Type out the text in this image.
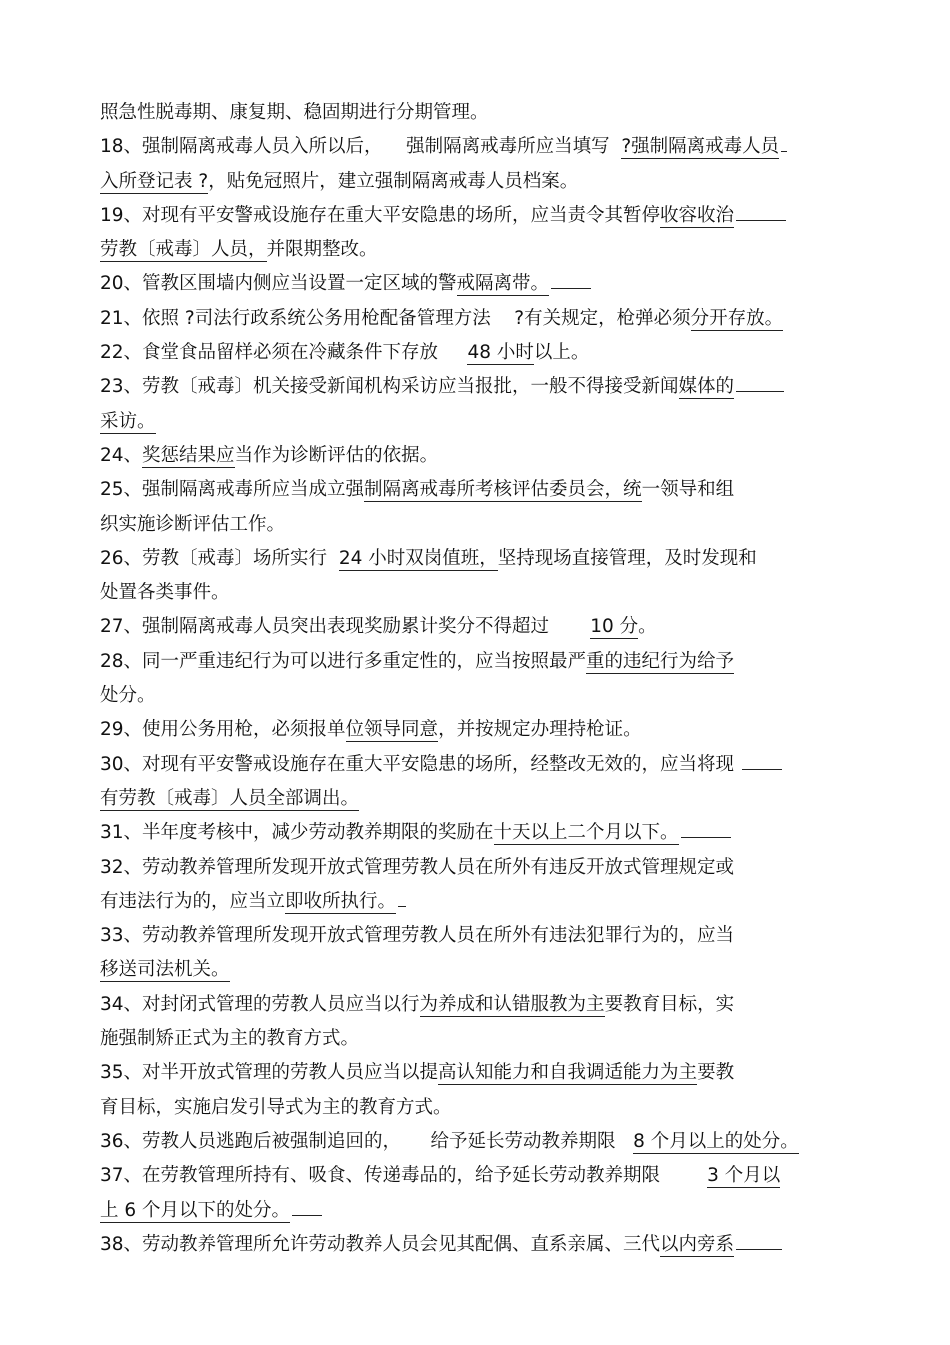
照急性脱毒期、康复期、稳固期进行分期管理。
18、强制隔离戒毒人员入所以后，    强制隔离戒毒所应当填写  ?强制隔离戒毒人员
入所登记表 ?，贴免冠照片，建立强制隔离戒毒人员档案。
19、对现有平安警戒设施存在重大平安隐患的场所，应当责令其暂停收容收治
劳教〔戒毒〕人员，并限期整改。
20、管教区围墙内侧应当设置一定区域的警戒隔离带。
21、依照 ?司法行政系统公务用枪配备管理方法    ?有关规定，枪弹必须分开存放。
22、食堂食品留样必须在冷藏条件下存放     48 小时以上。
23、劳教〔戒毒〕机关接受新闻机构采访应当报批，一般不得接受新闻媒体的
采访。
24、奖惩结果应当作为诊断评估的依据。
25、强制隔离戒毒所应当成立强制隔离戒毒所考核评估委员会，统一领导和组
织实施诊断评估工作。
26、劳教〔戒毒〕场所实行  24 小时双岗值班，坚持现场直接管理，及时发现和
处置各类事件。
27、强制隔离戒毒人员突出表现奖励累计奖分不得超过       10 分。
28、同一严重违纪行为可以进行多重定性的，应当按照最严重的违纪行为给予
处分。
29、使用公务用枪，必须报单位领导同意，并按规定办理持枪证。
30、对现有平安警戒设施存在重大平安隐患的场所，经整改无效的，应当将现
有劳教〔戒毒〕人员全部调出。
31、半年度考核中，减少劳动教养期限的奖励在十天以上二个月以下。
32、劳动教养管理所发现开放式管理劳教人员在所外有违反开放式管理规定或
有违法行为的，应当立即收所执行。
33、劳动教养管理所发现开放式管理劳教人员在所外有违法犯罪行为的，应当
移送司法机关。
34、对封闭式管理的劳教人员应当以行为养成和认错服教为主要教育目标，实
施强制矫正式为主的教育方式。
35、对半开放式管理的劳教人员应当以提高认知能力和自我调适能力为主要教
育目标，实施启发引导式为主的教育方式。
36、劳教人员逃跑后被强制追回的，     给予延长劳动教养期限   8 个月以上的处分。
37、在劳教管理所持有、吸食、传递毒品的，给予延长劳动教养期限        3 个月以
上 6 个月以下的处分。
38、劳动教养管理所允许劳动教养人员会见其配偶、直系亲属、三代以内旁系
